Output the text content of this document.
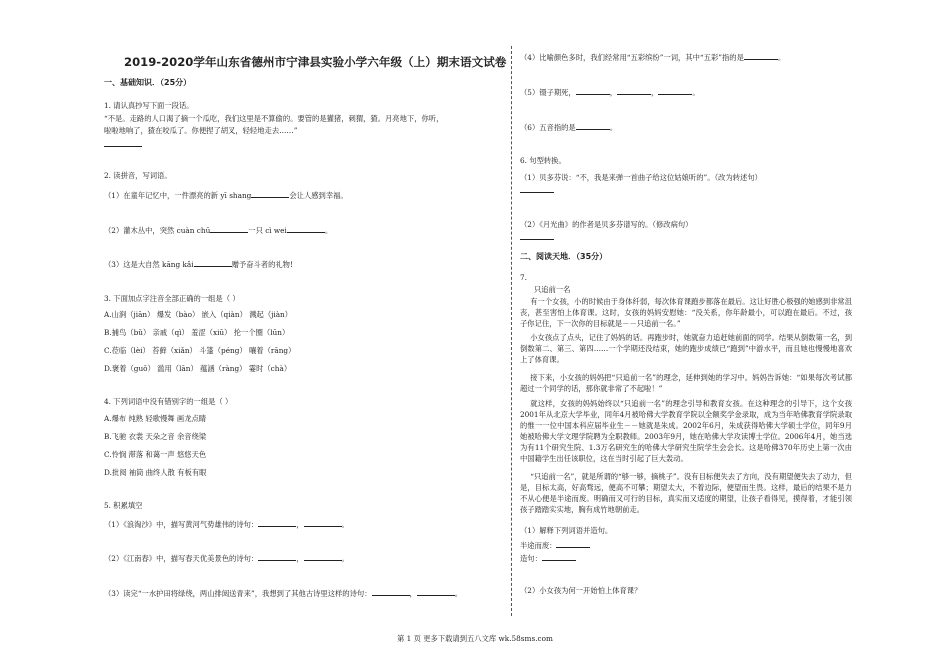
2019-2020学年山东省德州市宁津县实验小学六年级（上）期末语文试卷
一、基础知识．（25分）
1. 请认真抄写下面一段话。
“不是。走路的人口渴了摘一个瓜吃，我们这里是不算偷的。要管的是獾猪，刺猬，猹。月亮地下，你听，
啦啦地响了，猹在咬瓜了。你便捏了胡叉，轻轻地走去……”
2. 读拼音，写词语。
（1）在童年记忆中，一件漂亮的新 yī shang	会让人感到幸福。
（2）灌木丛中，突然 cuàn chū	一只 cì wei	。
（3）这是大自然 kāng kǎi	赠予奋斗者的礼物!
3. 下面加点字注音全部正确的一组是（ ）
A.山涧（jiān） 爆发（bào） 嵌入（qiàn） 溅起（jiàn）
B.捕鸟（bǔ） 亲戚（qì） 羞涩（xiū） 抡一个圈（lūn）
C.莅临（lèi） 苔藓（xiǎn） 斗篷（péng） 嚷着（rāng）
D.褒着（guǒ） 滥用（lān） 蕴涵（ràng） 霎时（chà）
4. 下列词语中没有错别字的一组是（ ）
A.爆布 纯熟 轻歌慢舞 画龙点睛
B.飞驰 衣裳 天朵之音 余音绕梁
C.怜悯 滞落 和蔼一声 悠悠天色
D.批阅 袖筒 曲终人散 有板有眼
5. 积累填空
（1）《浪淘沙》中，描写黄河气势雄伟的诗句：	，	。
（2）《江南春》中，描写春天优美景色的诗句：	，	。
（3）读完“一水护田将绿绕，两山排闼送青来”，我想到了其他古诗里这样的诗句：	，	。
（4）比喻颜色多时，我们经常用“五彩缤纷”一词，其中“五彩”指的是	。
（5）镊子期死，	，	，	。
（6）五音指的是	。
6. 句型转换。
（1）贝多芬说：“不，我是来弹一首曲子给这位姑娘听的”。（改为转述句）
（2）《月光曲》的作者是贝多芬谱写的。（修改病句）
二、阅读天地．（35分）
7.
只追前一名
有一个女孩，小的时候由于身体纤弱，每次体育课跑步都落在最后。这让好胜心极强的她感到非常沮丧，甚至害怕上体育课。这时，女孩的妈妈安慰她：“没关系，你年龄最小，可以跑在最后。不过，孩子你记住，下一次你的目标就是－－只追前一名。”
小女孩点了点头，记住了妈妈的话。再跑步时，她就奋力追赶她前面的同学。结果从倒数第一名，到倒数第二、第三、第四……一个学期还没结束，她的跑步成绩已“跑到”中游水平，而且她也慢慢地喜欢上了体育课。
接下来，小女孩的妈妈把“只追前一名”的理念，延伸到她的学习中。妈妈告诉她：“如果每次考试都超过一个同学的话，那你就非常了不起啦！”
就这样，女孩的妈妈始终以“只追前一名”的理念引导和教育女孩。在这种理念的引导下，这个女孩2001年从北京大学毕业，同年4月被哈佛大学教育学院以全额奖学金录取，成为当年哈佛教育学院录取的惟一一位中国本科应届毕业生－－她就是朱成。2002年6月，朱成获得哈佛大学硕士学位，同年9月她被哈佛大学文理学院聘为全职教师。2003年9月，她在哈佛大学攻读博士学位。2006年4月，她当选为有11个研究生院、1.3万名研究生的哈佛大学研究生院学生会会长。这是哈佛370年历史上第一次由中国籍学生出任该职位，这在当时引起了巨大轰动。
“只追前一名”，就是所谓的“够一够，摘桃子”。没有目标便失去了方向，没有期望便失去了动力，但是，目标太高，好高骛远，便高不可攀；期望太大，不着边际，便望而生畏。这样，最后的结果不是力不从心便是半途而废。明确而又可行的目标，真实而又适度的期望，让孩子看得见，摸得着，才能引领孩子踏踏实实地，胸有成竹地朝前走。
（1）解释下列词语并造句。
半途而废：
造句：
（2）小女孩为何一开始怕上体育课？
第 1 页 更多下载请到五八文库 wk.58sms.com
